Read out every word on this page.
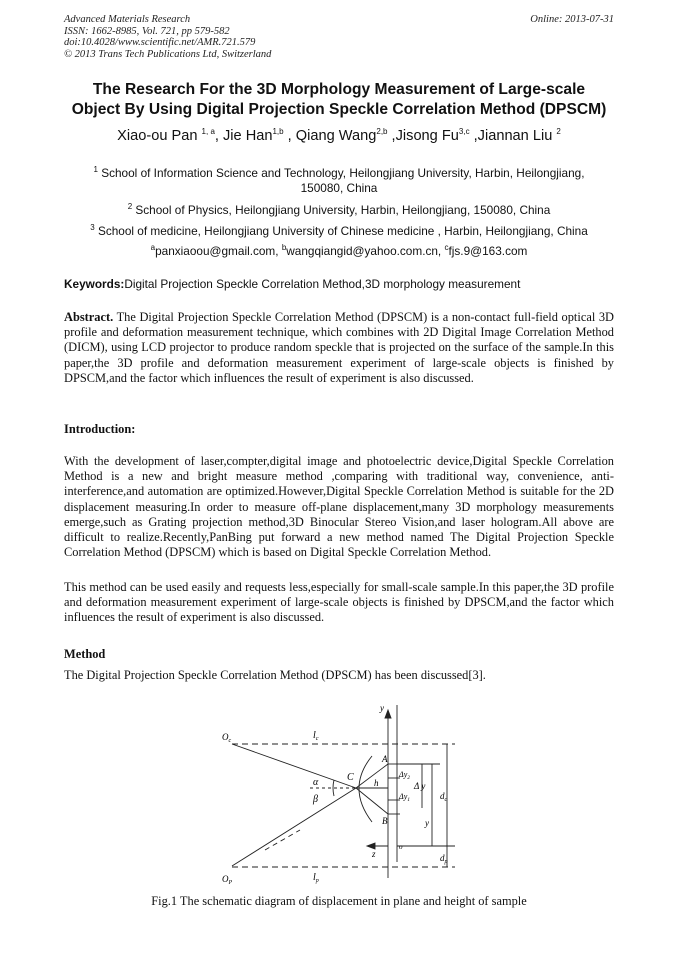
Advanced Materials Research
ISSN: 1662-8985, Vol. 721, pp 579-582
doi:10.4028/www.scientific.net/AMR.721.579
© 2013 Trans Tech Publications Ltd, Switzerland
Online: 2013-07-31
The Research For the 3D Morphology Measurement of Large-scale
Object By Using Digital Projection Speckle Correlation Method (DPSCM)
Xiao-ou Pan $^{1, a}$, Jie Han$^{1,b}$ , Qiang Wang$^{2,b}$ ,Jisong Fu$^{3,c}$ ,Jiannan Liu $^2$
$^1$ School of Information Science and Technology, Heilongjiang University, Harbin, Heilongjiang, 150080, China
$^2$ School of Physics, Heilongjiang University, Harbin, Heilongjiang, 150080, China
$^3$ School of medicine, Heilongjiang University of Chinese medicine , Harbin, Heilongjiang, China
$^a$panxiaoou@gmail.com, $^b$wangqiangid@yahoo.com.cn, $^c$fjs.9@163.com
Keywords:Digital Projection Speckle Correlation Method,3D morphology measurement
Abstract. The Digital Projection Speckle Correlation Method (DPSCM) is a non-contact full-field optical 3D profile and deformation measurement technique, which combines with 2D Digital Image Correlation Method (DICM), using LCD projector to produce random speckle that is projected on the surface of the sample.In this paper,the 3D profile and deformation measurement experiment of large-scale objects is finished by DPSCM,and the factor which influences the result of experiment is also discussed.
Introduction:
With the development of laser,compter,digital image and photoelectric device,Digital Speckle Correlation Method is a new and bright measure method ,comparing with traditional way, convenience, anti-interference,and automation are optimized.However,Digital Speckle Correlation Method is suitable for the 2D displacement measuring.In order to measure off-plane displacement,many 3D morphology measurements emerge,such as Grating projection method,3D Binocular Stereo Vision,and laser hologram.All above are difficult to realize.Recently,PanBing put forward a new method named The Digital Projection Speckle Correlation Method (DPSCM) which is based on Digital Speckle Correlation Method.
This method can be used easily and requests less,especially for small-scale sample.In this paper,the 3D profile and deformation measurement experiment of large-scale objects is finished by DPSCM,and the factor which influences the result of experiment is also discussed.
Method
The Digital Projection Speckle Correlation Method (DPSCM) has been discussed[3].
$O_c$
$O_P$
$l_c$
$l_p$
α
β
C h
A
B
y
z
o
$\Delta y_2$
$\Delta y_1$
Δ y
y
$d_c$
$d_p$
Fig.1 The schematic diagram of displacement in plane and height of sample
